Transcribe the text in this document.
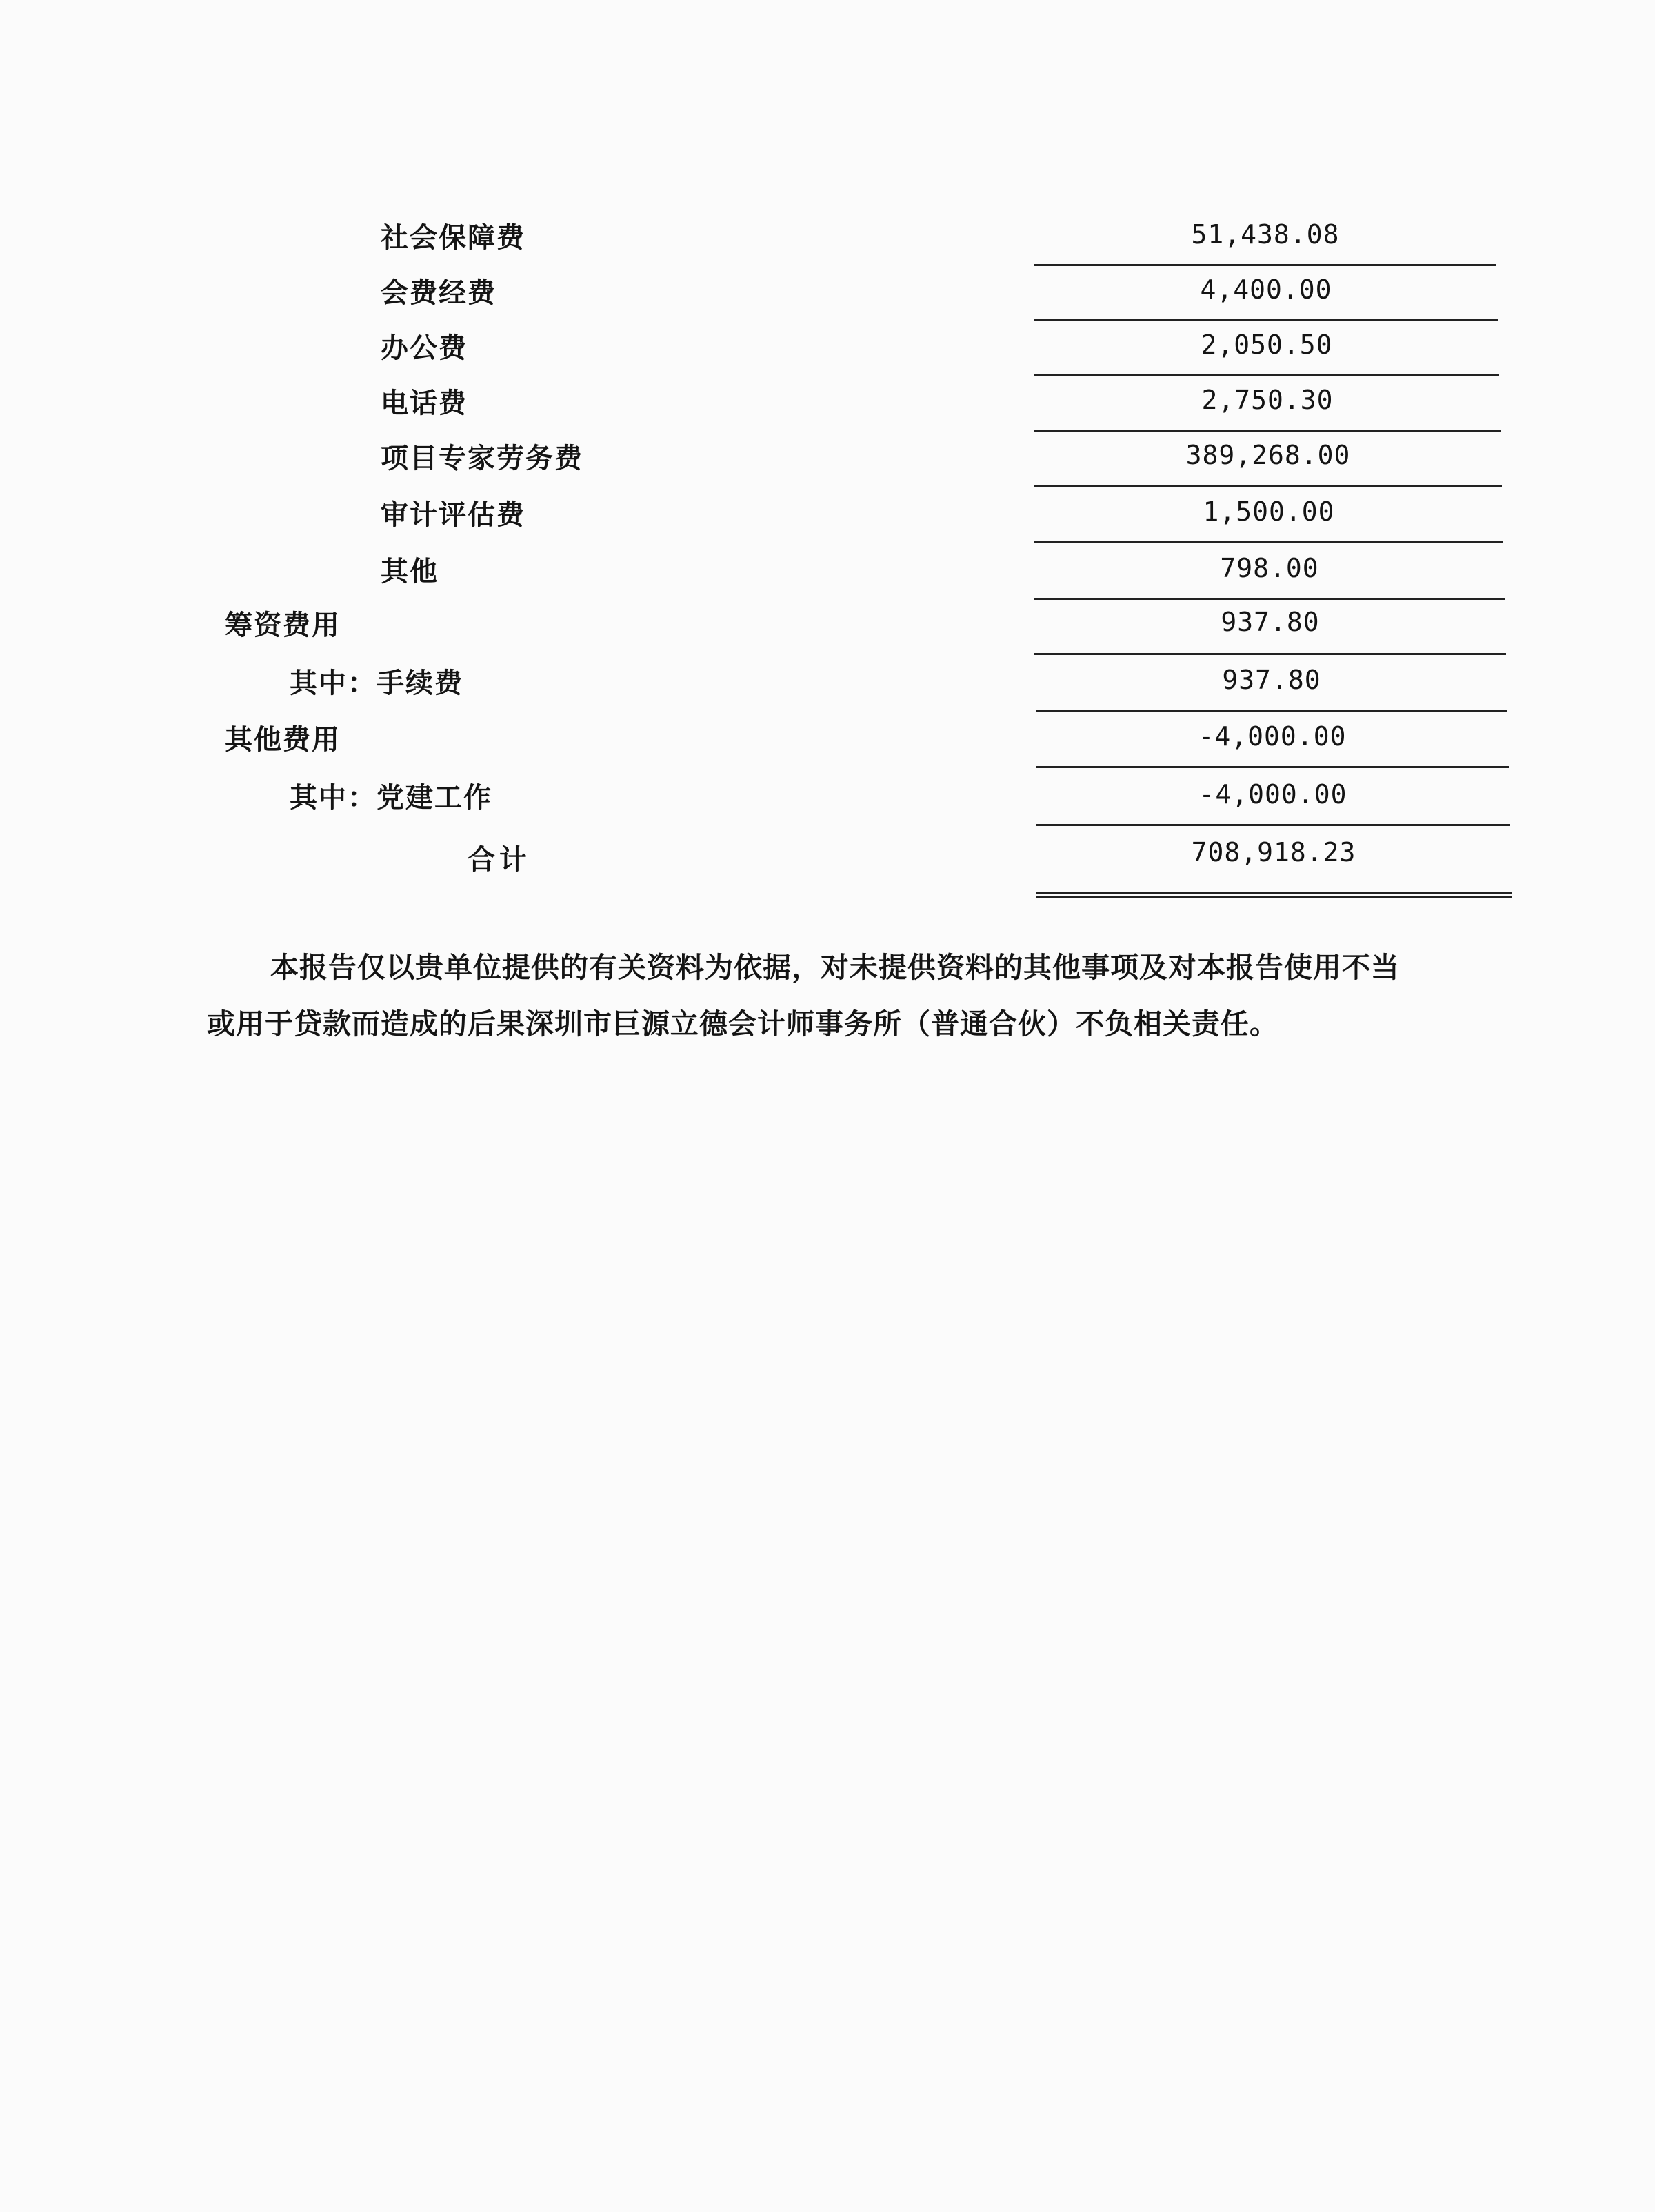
社会保障费	51,438.08
会费经费	4,400.00
办公费	2,050.50
电话费	2,750.30
项目专家劳务费	389,268.00
审计评估费	1,500.00
其他	798.00
筹资费用	937.80
其中：手续费	937.80
其他费用	-4,000.00
其中：党建工作	-4,000.00
合计	708,918.23
本报告仅以贵单位提供的有关资料为依据，对未提供资料的其他事项及对本报告使用不当
或用于贷款而造成的后果深圳市巨源立德会计师事务所（普通合伙）不负相关责任。
